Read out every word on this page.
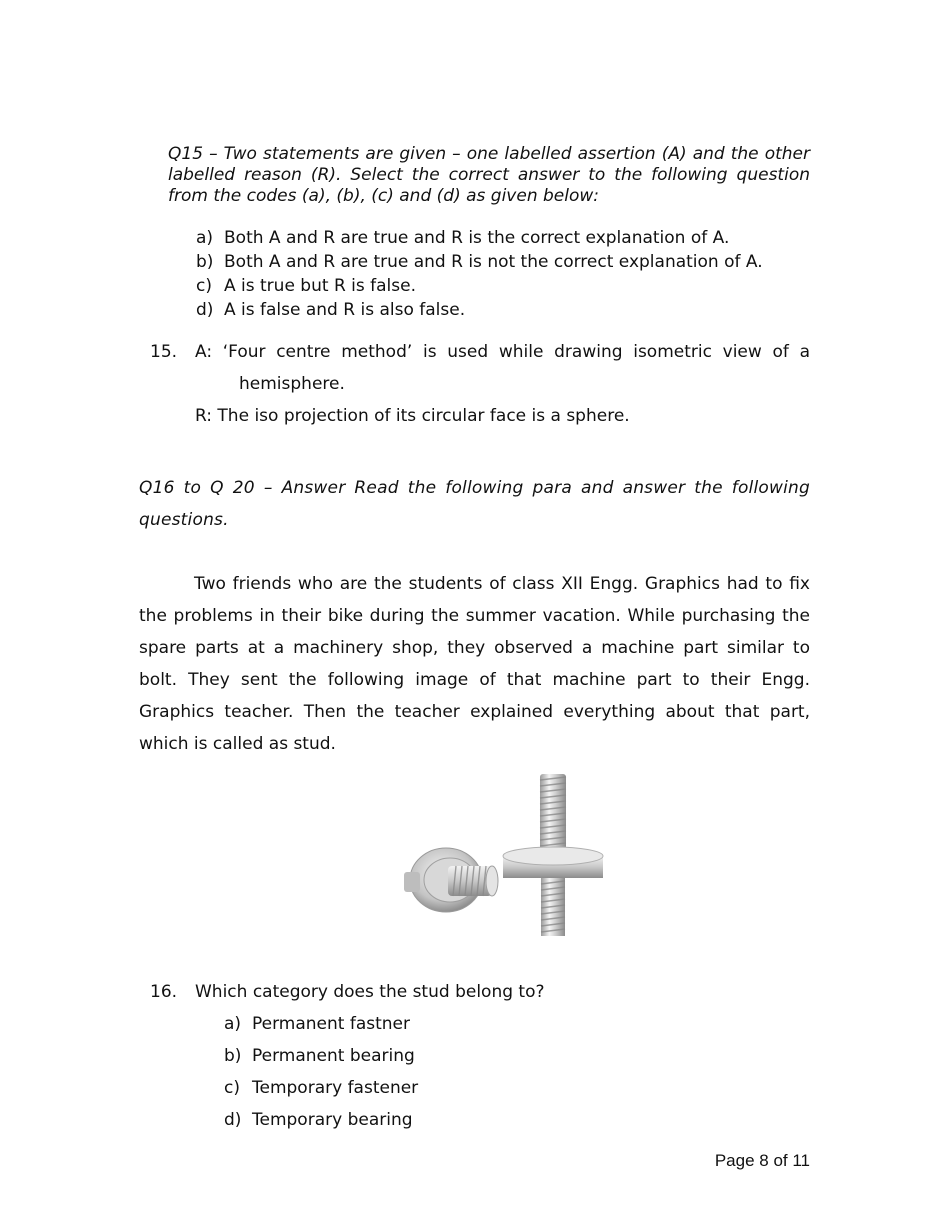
Q15 – Two statements are given – one labelled assertion (A) and the other labelled reason (R). Select the correct answer to the following question from the codes (a), (b), (c) and (d) as given below:

a) Both A and R are true and R is the correct explanation of A.
b) Both A and R are true and R is not the correct explanation of A.
c) A is true but R is false.
d) A is false and R is also false.
15.	A: ‘Four centre method’ is used while drawing isometric view of a
hemisphere.
R: The iso projection of its circular face is a sphere.

Q16 to Q 20 – Answer Read the following para and answer the following questions.

Two friends who are the students of class XII Engg. Graphics had to fix the problems in their bike during the summer vacation. While purchasing the spare parts at a machinery shop, they observed a machine part similar to bolt. They sent the following image of that machine part to their Engg. Graphics teacher. Then the teacher explained everything about that part, which is called as stud.

16.	Which category does the stud belong to?
a) Permanent fastner
b) Permanent bearing
c) Temporary fastener
d) Temporary bearing
Page 8 of 11
